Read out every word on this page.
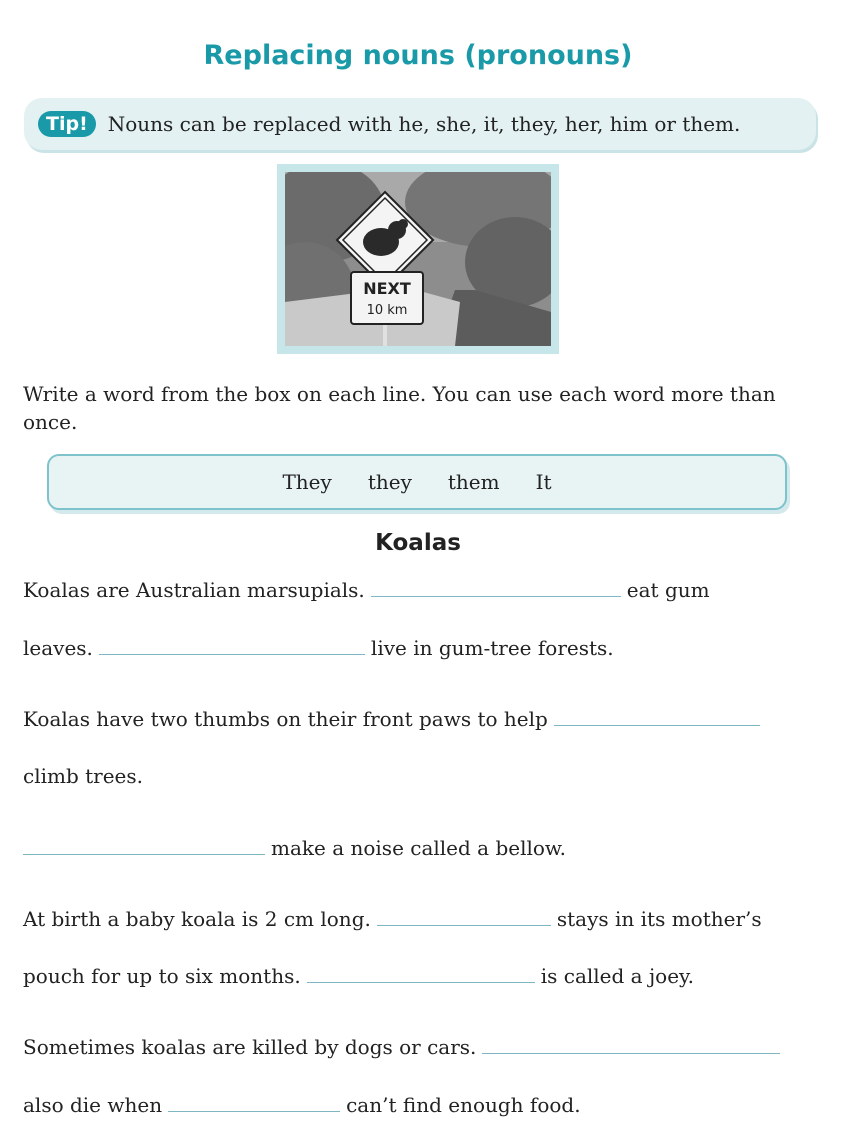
Replacing nouns (pronouns)
Tip!	Nouns can be replaced with he, she, it, they, her, him or them.
NEXT
10 km
Write a word from the box on each line. You can use each word more than once.
They they them It
Koalas
Koalas are Australian marsupials.	eat gum
leaves.	live in gum-tree forests.
Koalas have two thumbs on their front paws to help
climb trees.
make a noise called a bellow.
At birth a baby koala is 2 cm long.	stays in its mother’s
pouch for up to six months.	is called a joey.
Sometimes koalas are killed by dogs or cars.
also die when	can’t find enough food.
